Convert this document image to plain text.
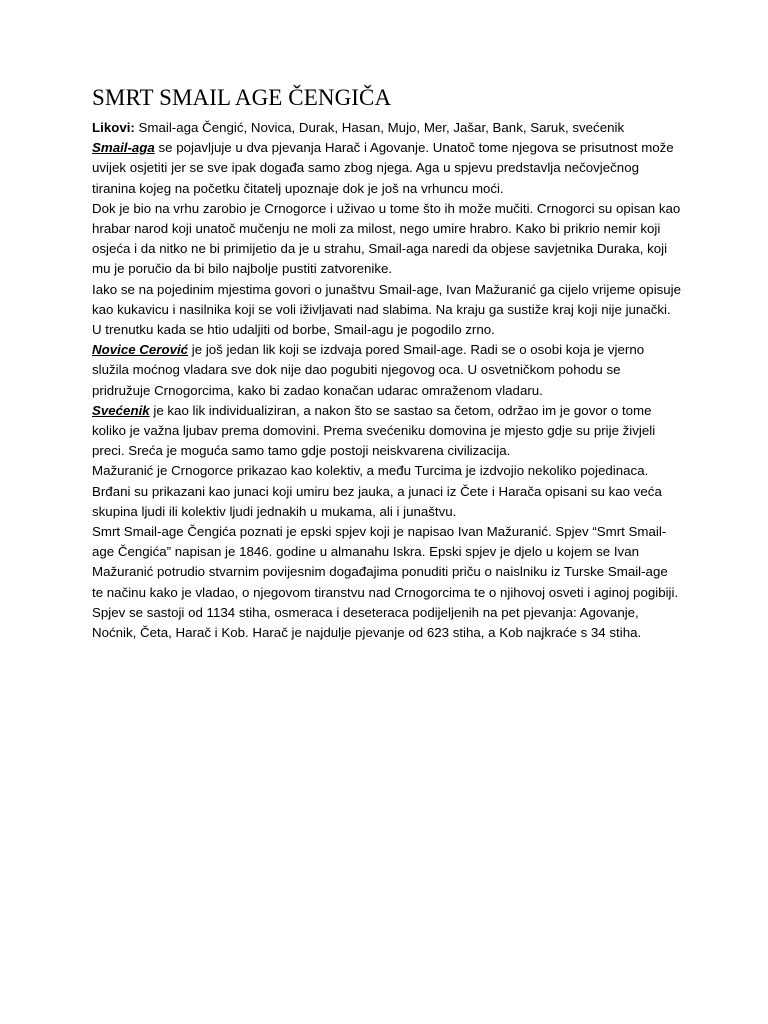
SMRT SMAIL AGE ČENGIČA

Likovi: Smail-aga Čengić, Novica, Durak, Hasan, Mujo, Mer, Jašar, Bank, Saruk, svećenik

Smail-aga se pojavljuje u dva pjevanja Harač i Agovanje. Unatoč tome njegova se prisutnost može uvijek osjetiti jer se sve ipak događa samo zbog njega. Aga u spjevu predstavlja nečovječnog tiranina kojeg na početku čitatelj upoznaje dok je još na vrhuncu moći.

Dok je bio na vrhu zarobio je Crnogorce i uživao u tome što ih može mučiti. Crnogorci su opisan kao hrabar narod koji unatoč mučenju ne moli za milost, nego umire hrabro. Kako bi prikrio nemir koji osjeća i da nitko ne bi primijetio da je u strahu, Smail-aga naredi da objese savjetnika Duraka, koji mu je poručio da bi bilo najbolje pustiti zatvorenike.

Iako se na pojedinim mjestima govori o junaštvu Smail-age, Ivan Mažuranić ga cijelo vrijeme opisuje kao kukavicu i nasilnika koji se voli iživljavati nad slabima. Na kraju ga sustiže kraj koji nije junački. U trenutku kada se htio udaljiti od borbe, Smail-agu je pogodilo zrno.

Novice Cerović je još jedan lik koji se izdvaja pored Smail-age. Radi se o osobi koja je vjerno služila moćnog vladara sve dok nije dao pogubiti njegovog oca. U osvetničkom pohodu se pridružuje Crnogorcima, kako bi zadao konačan udarac omraženom vladaru.

Svećenik je kao lik individualiziran, a nakon što se sastao sa četom, održao im je govor o tome koliko je važna ljubav prema domovini. Prema svećeniku domovina je mjesto gdje su prije živjeli preci. Sreća je moguća samo tamo gdje postoji neiskvarena civilizacija.

Mažuranić je Crnogorce prikazao kao kolektiv, a među Turcima je izdvojio nekoliko pojedinaca. Brđani su prikazani kao junaci koji umiru bez jauka, a junaci iz Čete i Harača opisani su kao veća skupina ljudi ili kolektiv ljudi jednakih u mukama, ali i junaštvu.

Smrt Smail-age Čengića poznati je epski spjev koji je napisao Ivan Mažuranić. Spjev “Smrt Smail-age Čengića” napisan je 1846. godine u almanahu Iskra. Epski spjev je djelo u kojem se Ivan Mažuranić potrudio stvarnim povijesnim događajima ponuditi priču o naislniku iz Turske Smail-age te načinu kako je vladao, o njegovom tiranstvu nad Crnogorcima te o njihovoj osveti i aginoj pogibiji.

Spjev se sastoji od 1134 stiha, osmeraca i deseteraca podijeljenih na pet pjevanja: Agovanje, Noćnik, Četa, Harač i Kob. Harač je najdulje pjevanje od 623 stiha, a Kob najkraće s 34 stiha.
